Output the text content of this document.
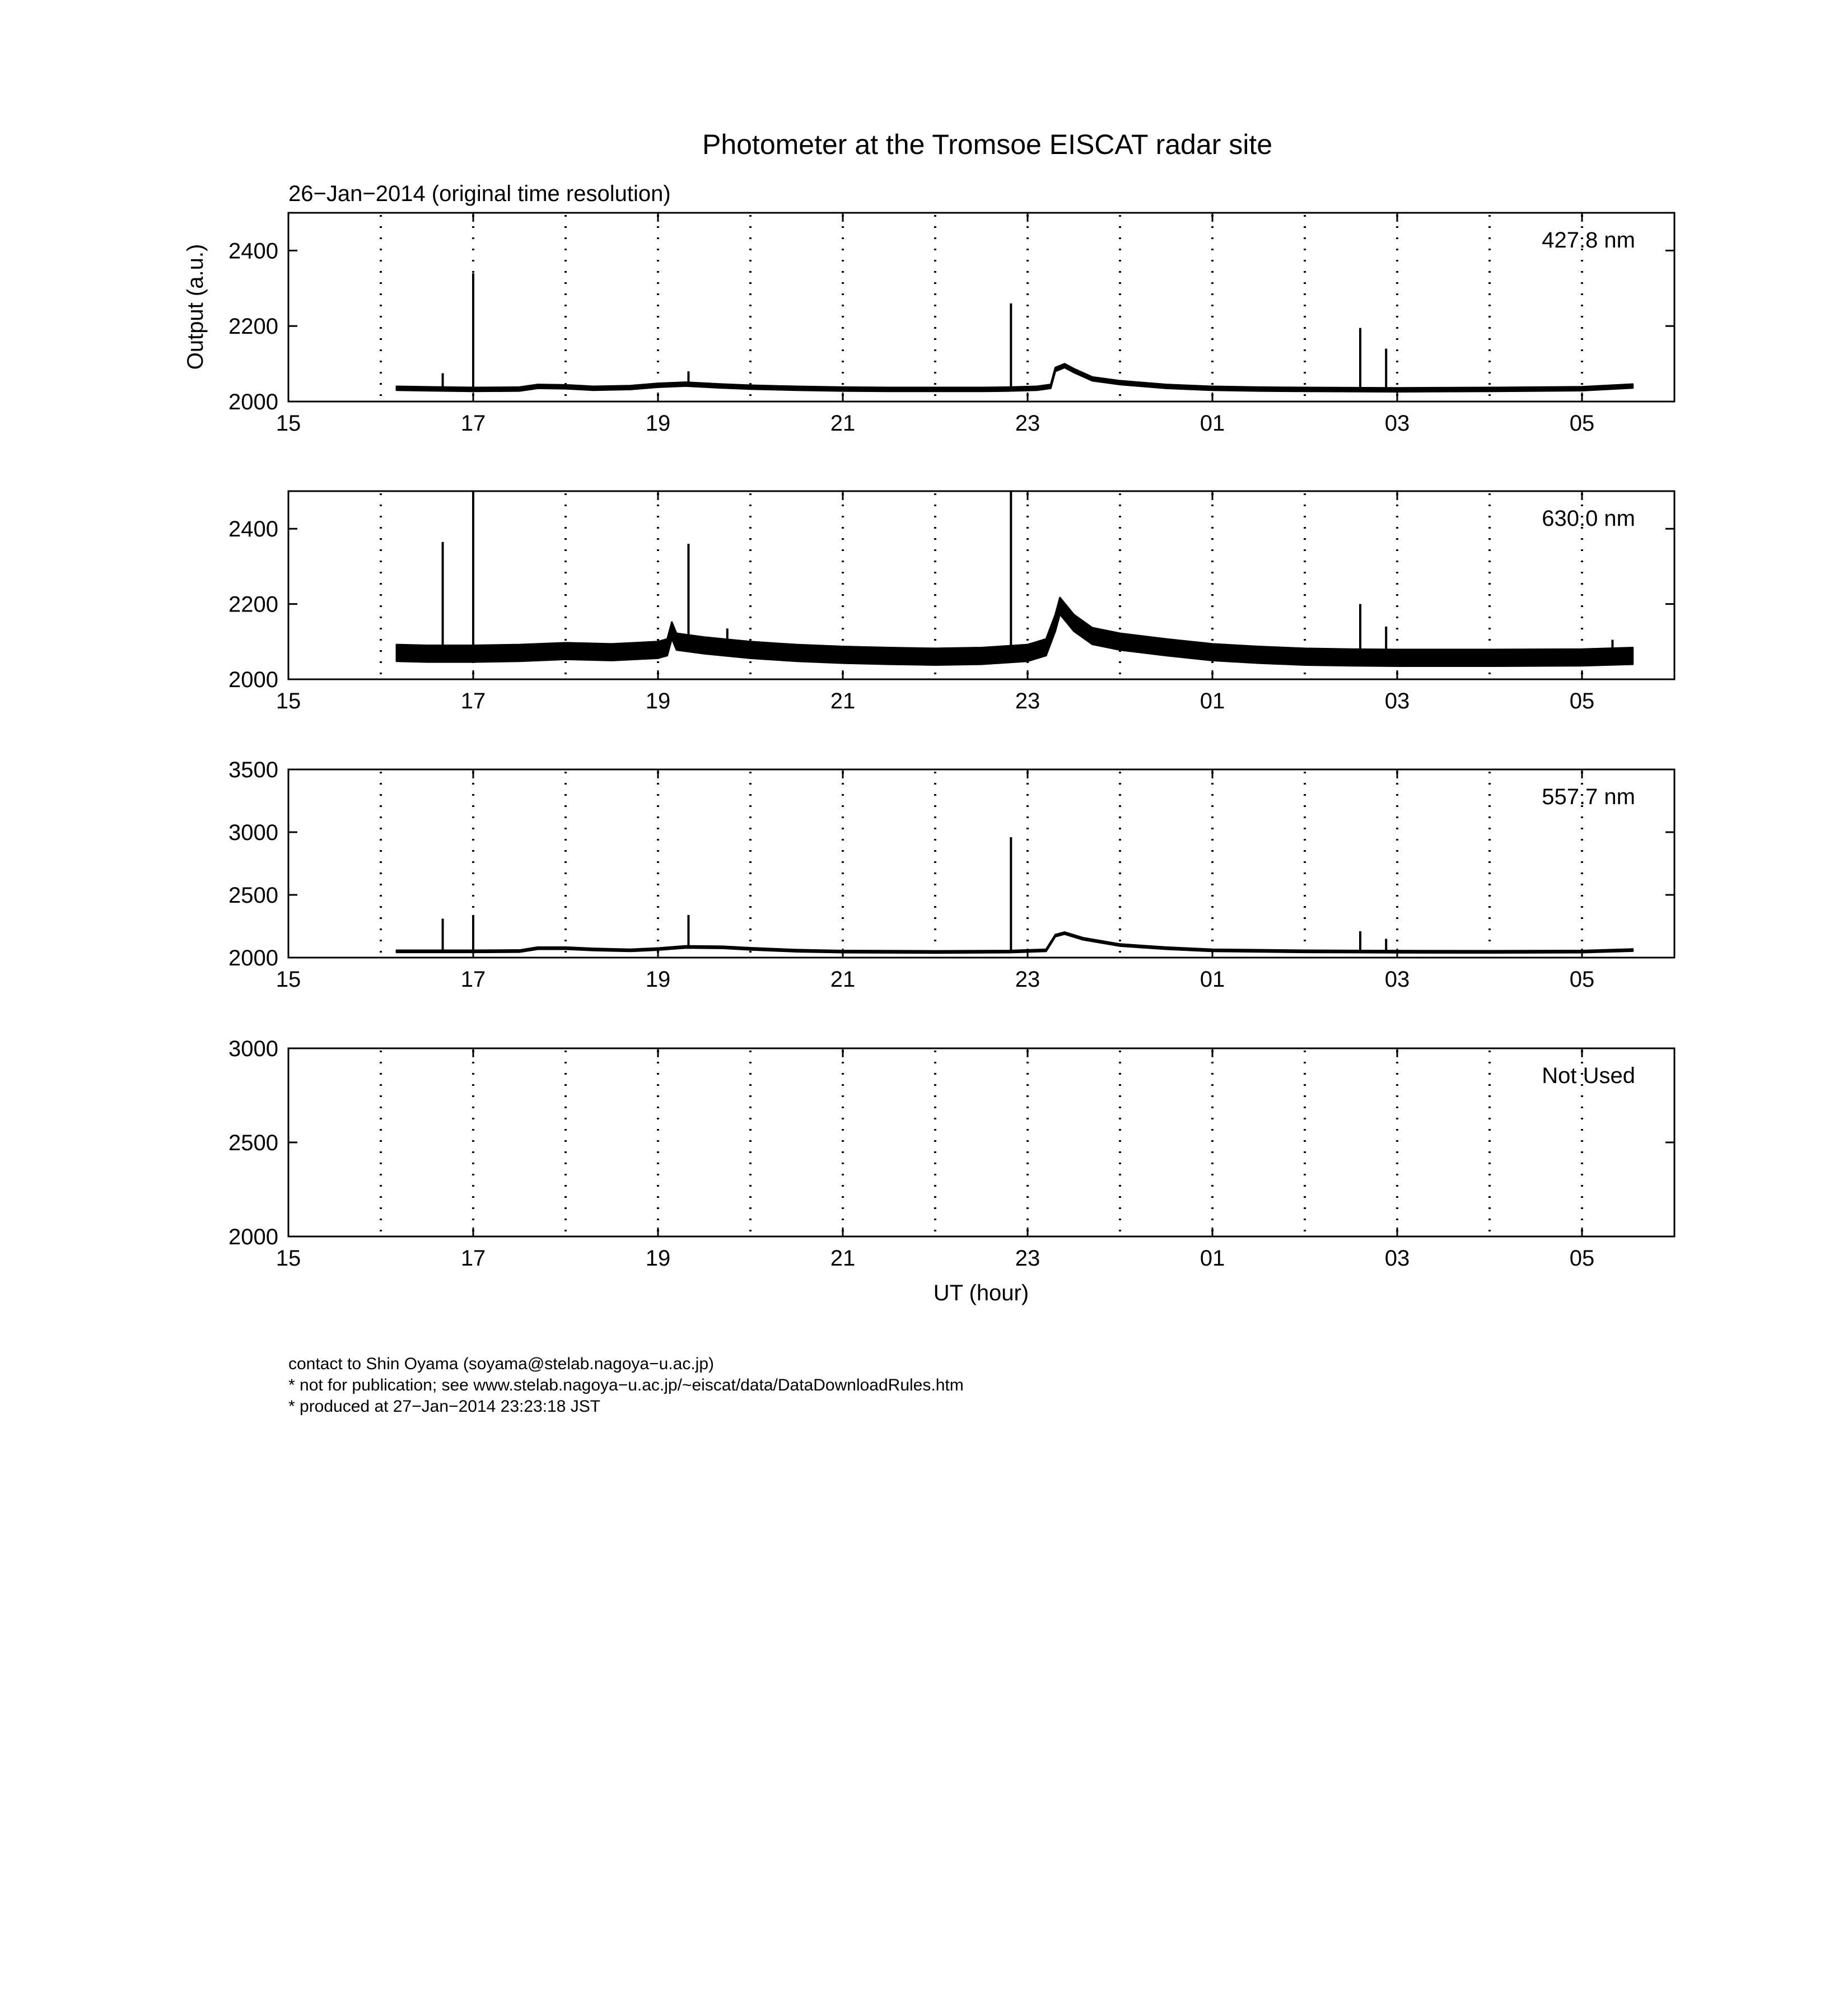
Photometer at the Tromsoe EISCAT radar site
26−Jan−2014 (original time resolution)
Output (a.u.)
15	17	19	21	23	01	03	05
2000
2200
2400	427.8 nm
15	17	19	21	23	01	03	05
2000
2200
2400	630.0 nm
15	17	19	21	23	01	03	05
2000
2500
3000
3500
557.7 nm
15	17	19	21	23	01	03	05
2000
2500
3000
Not Used
UT (hour)
contact to Shin Oyama (soyama@stelab.nagoya−u.ac.jp)
* not for publication; see www.stelab.nagoya−u.ac.jp/~eiscat/data/DataDownloadRules.htm
* produced at 27−Jan−2014 23:23:18 JST
